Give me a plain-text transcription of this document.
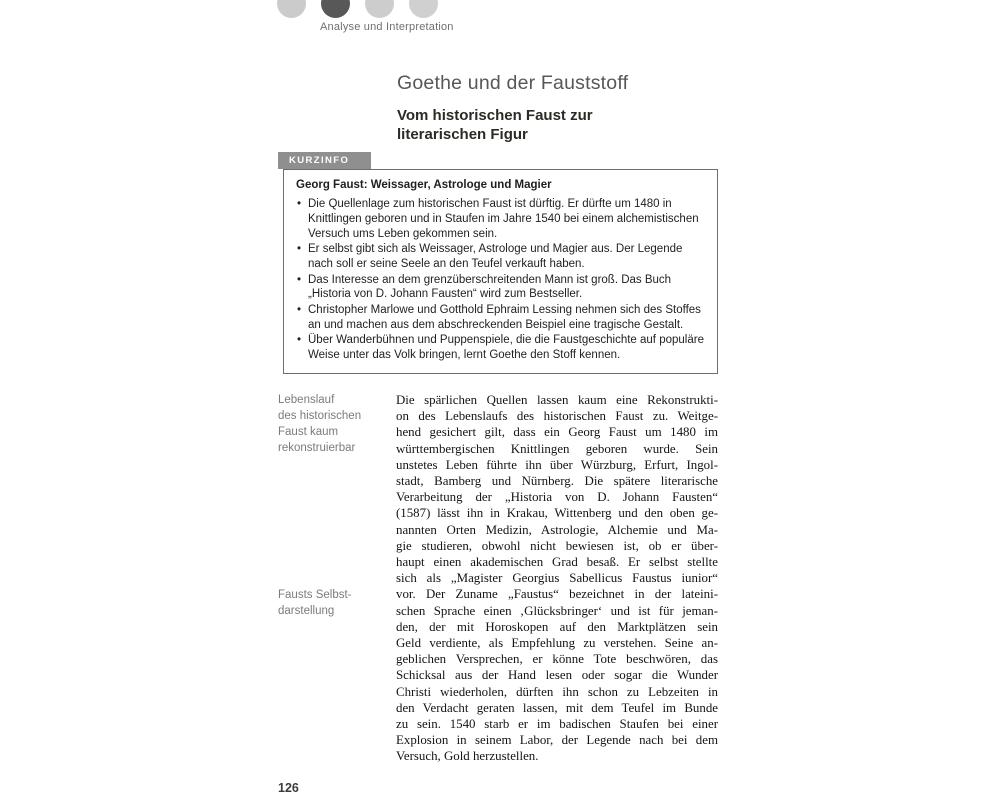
Analyse und Interpretation
Goethe und der Fauststoff
Vom historischen Faust zur
literarischen Figur
KURZINFO
Georg Faust: Weissager, Astrologe und Magier
• Die Quellenlage zum historischen Faust ist dürftig. Er dürfte um 1480 in Knittlingen geboren und in Staufen im Jahre 1540 bei einem alchemistischen Versuch ums Leben gekommen sein.
• Er selbst gibt sich als Weissager, Astrologe und Magier aus. Der Legende nach soll er seine Seele an den Teufel verkauft haben.
• Das Interesse an dem grenzüberschreitenden Mann ist groß. Das Buch „Historia von D. Johann Fausten“ wird zum Bestseller.
• Christopher Marlowe und Gotthold Ephraim Lessing nehmen sich des Stoffes an und machen aus dem abschreckenden Beispiel eine tragische Gestalt.
• Über Wanderbühnen und Puppenspiele, die die Faustgeschichte auf populäre Weise unter das Volk bringen, lernt Goethe den Stoff kennen.
Lebenslauf
des historischen
Faust kaum
rekonstruierbar
Fausts Selbst-
darstellung
Die spärlichen Quellen lassen kaum eine Rekonstrukti-
on des Lebenslaufs des historischen Faust zu. Weitge-
hend gesichert gilt, dass ein Georg Faust um 1480 im
württembergischen Knittlingen geboren wurde. Sein
unstetes Leben führte ihn über Würzburg, Erfurt, Ingol-
stadt, Bamberg und Nürnberg. Die spätere literarische
Verarbeitung der „Historia von D. Johann Fausten“
(1587) lässt ihn in Krakau, Wittenberg und den oben ge-
nannten Orten Medizin, Astrologie, Alchemie und Ma-
gie studieren, obwohl nicht bewiesen ist, ob er über-
haupt einen akademischen Grad besaß. Er selbst stellte
sich als „Magister Georgius Sabellicus Faustus iunior“
vor. Der Zuname „Faustus“ bezeichnet in der lateini-
schen Sprache einen ‚Glücksbringer‘ und ist für jeman-
den, der mit Horoskopen auf den Marktplätzen sein
Geld verdiente, als Empfehlung zu verstehen. Seine an-
geblichen Versprechen, er könne Tote beschwören, das
Schicksal aus der Hand lesen oder sogar die Wunder
Christi wiederholen, dürften ihn schon zu Lebzeiten in
den Verdacht geraten lassen, mit dem Teufel im Bunde
zu sein. 1540 starb er im badischen Staufen bei einer
Explosion in seinem Labor, der Legende nach bei dem
Versuch, Gold herzustellen.
126
